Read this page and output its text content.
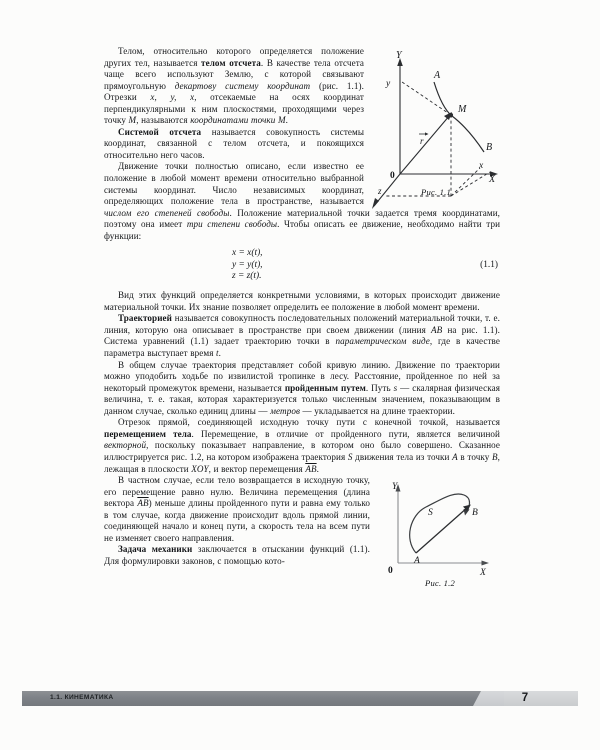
Y
x
X
y
z
A
M
B
0
r
Рис. 1.1

Телом, относительно которого определяется положение других тел, называется телом отсчета. В качестве тела отсчета чаще всего используют Землю, с которой связывают прямоугольную декартову систему координат (рис. 1.1). Отрезки x, y, x, отсекаемые на осях координат перпендикулярными к ним плоскостями, проходящими через точку M, называются координатами точки M.

Системой отсчета называется совокупность системы координат, связанной с телом отсчета, и покоящихся относительно него часов.

Движение точки полностью описано, если известно ее положение в любой момент времени относительно выбранной системы координат. Число независимых координат, определяющих положение тела в пространстве, называется числом его степеней свободы. Положение материальной точки задается тремя координатами, поэтому она имеет три степени свободы. Чтобы описать ее движение, необходимо найти три функции:

x = x(t),
y = y(t),
z = z(t).
(1.1)

Вид этих функций определяется конкретными условиями, в которых происходит движение материальной точки. Их знание позволяет определить ее положение в любой момент времени.

Траекторией называется совокупность последовательных положений материальной точки, т. е. линия, которую она описывает в пространстве при своем движении (линия AB на рис. 1.1). Система уравнений (1.1) задает траекторию точки в параметрическом виде, где в качестве параметра выступает время t.

В общем случае траектория представляет собой кривую линию. Движение по траектории можно уподобить ходьбе по извилистой тропинке в лесу. Расстояние, пройденное по ней за некоторый промежуток времени, называется пройденным путем. Путь s — скалярная физическая величина, т. е. такая, которая характеризуется только численным значением, показывающим в данном случае, сколько единиц длины — метров — укладывается на длине траектории.

Отрезок прямой, соединяющей исходную точку пути с конечной точкой, называется перемещением тела. Перемещение, в отличие от пройденного пути, является величиной векторной, поскольку показывает направление, в котором оно было совершено. Сказанное иллюстрируется рис. 1.2, на котором изображена траектория S движения тела из точки A в точку B, лежащая в плоскости XOY, и вектор перемещения $\overline{AB}$.

A
B
S
Y
X
0
Рис. 1.2

В частном случае, если тело возвращается в исходную точку, его перемещение равно нулю. Величина перемещения (длина вектора $\overline{AB}$) меньше длины пройденного пути и равна ему только в том случае, когда движение происходит вдоль прямой линии, соединяющей начало и конец пути, а скорость тела на всем пути не изменяет своего направления.

Задача механики заключается в отыскании функций (1.1). Для формулировки законов, с помощью кото-

1.1. КИНЕМАТИКА	7
